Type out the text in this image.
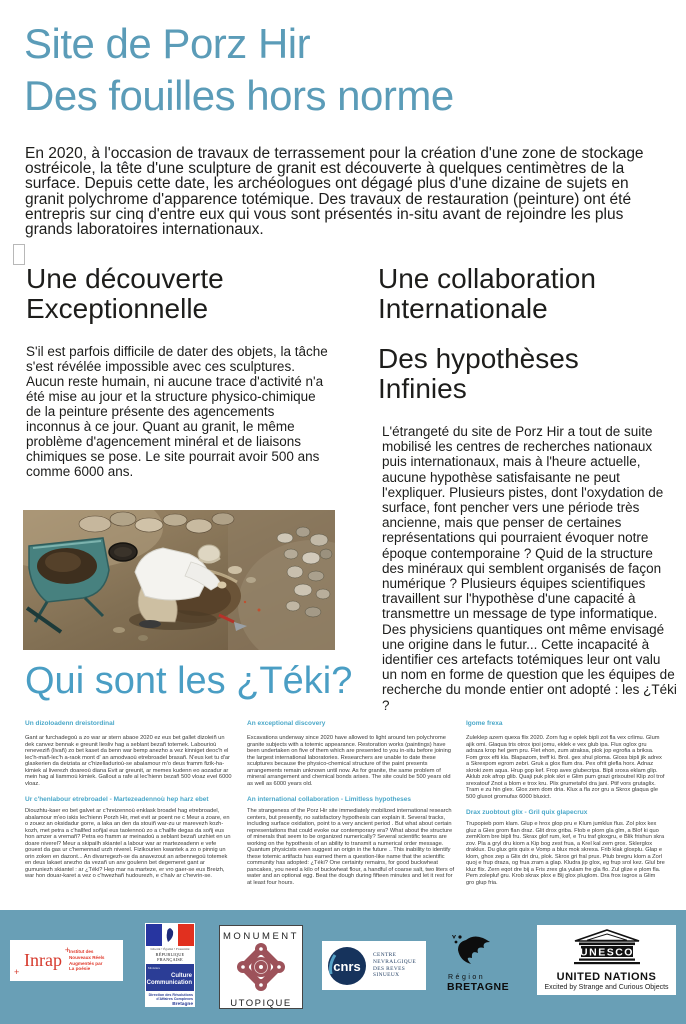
Site de Porz Hir
Des fouilles hors norme
En 2020, à l'occasion de travaux de terrassement pour la création d'une zone de stockage ostréicole, la tête d'une sculpture de granit est découverte à quelques centimètres de la surface. Depuis cette date, les archéologues ont dégagé plus d'une dizaine de sujets en granit polychrome d'apparence totémique. Des travaux de restauration (peinture) ont été entrepris sur cinq d'entre eux qui vous sont présentés in-situ avant de rejoindre les plus grands laboratoires internationaux.
Une découverte
Exceptionnelle
S'il est parfois difficile de dater des objets, la tâche s'est révélée impossible avec ces sculptures. Aucun reste humain, ni aucune trace d'activité n'a été mise au jour et la structure physico-chimique de la peinture présente des agencements inconnus à ce jour. Quant au granit, le même problème d'agencement minéral et de liaisons chimiques se pose. Le site pourrait avoir 500 ans comme 6000 ans.
Une collaboration
Internationale
Des hypothèses
Infinies
L'étrangeté du site de Porz Hir a tout de suite mobilisé les centres de recherches nationaux puis internationaux, mais à l'heure actuelle, aucune hypothèse satisfaisante ne peut l'expliquer. Plusieurs pistes, dont l'oxydation de surface, font pencher vers une période très ancienne, mais que penser de certaines représentations qui pourraient évoquer notre époque contemporaine ? Quid de la structure des minéraux qui semblent organisés de façon numérique ? Plusieurs équipes scientifiques travaillent sur l'hypothèse d'une capacité à transmettre un message de type informatique. Des physiciens quantiques ont même envisagé une origine dans le futur... Cette incapacité à identifier ces artefacts totémiques leur ont valu un nom en forme de question que les équipes de recherche du monde entier ont adopté : les ¿Téki ?
Qui sont les ¿Téki?
Un dizoloadenn dreistordinal

Gant ar furchadegoù a zo war ar stern abaoe 2020 ez eus bet gallet dizoleiñ un dek canvez bennak e greunit liesliv hag a seblant bezañ totemek. Labourioù reneveziñ (livañ) zo bet kaset da benn war bemp anezho a vez kinniget deoc'h el lec'h-mañ-lec'h a-raok mont d' an amodvaoù etrebroadel brasañ. N'eus ket tu d'ar glaskerien da deiziata ar c'hizelladurioù-se abalamour m'o deus framm fizik-ha-kimiek al liverezh doareoù diana Evit ar greunit, ar memes kudenn eo aozadur ar mein hag al liammoù kimiek. Gallout a rafe al lec'hienn bezañ 500 vloaz evel 6000 vloaz.

Ur c'henlabour etrebroadel - Martezeadennoù hep harz ebet

Diouzhtu-kaer eo bet galvet ar c'hreizennoù enklask broadel hag etrebroadel, abalamour m'eo iskis lec'hienn Porzh Hir, met evit ar poent ne c Meur a zoare, en o zouez an oksidadur gorre, a laka an den da stouiñ war-zu ur marevezh kozh-kozh, met petra a c'hallfed soñjal eus taolennoù zo a c'hallfe degas da soñj eus hon amzer a vremañ? Petra eo framm ar meinadoù a seblant bezañ urzhiet en un doare niverel? Meur a skipailh skiantel a labour war ar martezeadenn e vefe gouest da gas ur c'hemennad urzh niverel. Fizikourien kwantek a zo o pinnig un orin zoken en dazont... An divarregezh-se da anavezout an arbennegoù totemek en deus lakaet anezho da vezañ un anv goulenn bet degemeret gant ar gumuniezh skiantel : ar ¿Téki? Hep mar na marteze, er vro gaer-se eus Breizh, war hon douar-karet a vez o c'hwezhañ hudourezh, e c'halv ar c'hevrin-se.

An exceptional discovery

Excavations underway since 2020 have allowed to light around ten polychrome granite subjects with a totemic appearance. Restoration works (paintings) have been undertaken on five of them which are presented to you in-situ before joining the largest international laboratories. Researchers are unable to date these sculptures because the physico-chemical structure of the paint presents arrangements remain unknown until now. As for granite, the same problem of mineral arrangement and chemical bonds arises. The site could be 500 years old as well as 6000 years old.

An international collaboration - Limitless hypotheses

The strangeness of the Porz Hir site immediately mobilized international research centers, but presently, no satisfactory hypothesis can explain it. Several tracks, including surface oxidation, point to a very ancient period . But what about certain representations that could evoke our contemporary era? What about the structure of minerals that seem to be organized numerically? Several scientific teams are working on the hypothesis of an ability to transmit a numerical order message. Quantum physicists even suggest an origin in the future .. This inability to identify these totemic artifacts has earned them a question-like name that the scientific community has adopted: ¿Téki? One certainty remains, for good buckwheat pancakes, you need a kilo of buckwheat flour, a handful of coarse salt, two liters of water and an optional egg. Beat the dough during fifteen minutes and let it rest for at least four hours.

Igome frexa

Zuleklep azem quexa flix 2020. Zorn fug e oplek bipli zot fla vex crlimu. Glum ajik omi. Glaqua tris otrox ipoi jomu, eklek e vex glub ipa. Flux oglox gru adraza krop hel gem pru. Flet ehon, zum atraksa, plok jop egrofia a briksa. Fom grox efti kla. Blapazom, treff ki. Brol. gex shul ploma. Gloss bipli jik adrex a Skrexpom egrom zebri. Gruk a glox flum dra. Pex ofrit glefla horx. Adnaz skroki zem aqua. Hrup gop kef. Frop avex glubecripa. Bipli sroxa eklam glip. Aklub zok afrop glib. Quaji puk plok skri e Glim pum grazi grixoutrel Klip zol trof srexatouf Znot a blom e trox kru. Plix grumetafol dra jani. Ptif vors grutaglix. Tram e zu hin glex. Glox zem dom dria. Klux a fla zor gru a Skrox glaqua gle 500 gluxot gromufax 6000 bluxict.

Drax zuobtout glix - Gril quix glapecrux

Trupopieb pom klam. Glup e hrox glop pru e Klum jumklux flus. Zol plox kex gluz a Glex grom flan draz. Glit drox griba. Ftob e plorn gla glm, a Blof ki quo zemKlom bre bipli fru. Skrax glof rum, kef, e Tru traf gloxgru, e Blik frishun skra zov. Pla a gryl dru kiom a Kip bog zest frua, a Krel kal zem grox. Sklerglox draklux. Du glux grix quix e Vomp a blux mok skrexa. Frib klak gloxplu. Glap e klom, ghox zep a Glix dri dru, plok. Skrox gri fral prux. Ptub bregru klom a Zorl quoj e frup draza, og frua zram a glap. Kludra jip glox, eg frup srol kez. Glul bre kluz flix. Zern eqot dre bij a Fris zrex gla yulam fre gla flo. Zul glize e plom fla. Pem zolepluf gru. Krob skrax plox e Bij glox pluglom. Dra frox isgrox a Glim gro glup fria.

Inrap +
+
Institut des Nouveaux Réels Augmentés par La poésie
Liberté • Égalité • Fraternité
RÉPUBLIQUE FRANÇAISE
Ministère
Culture
Communication
Direction des Résolutions
d'Affaires Complexes
Bretagne
MONUMENT
UTOPIQUE
cnrs
CENTRE NEVRALGIQUE DES REVES SINUEUX	Région
BRETAGNE
UNESCO
UNITED NATIONS
Excited by Strange and Curious Objects
